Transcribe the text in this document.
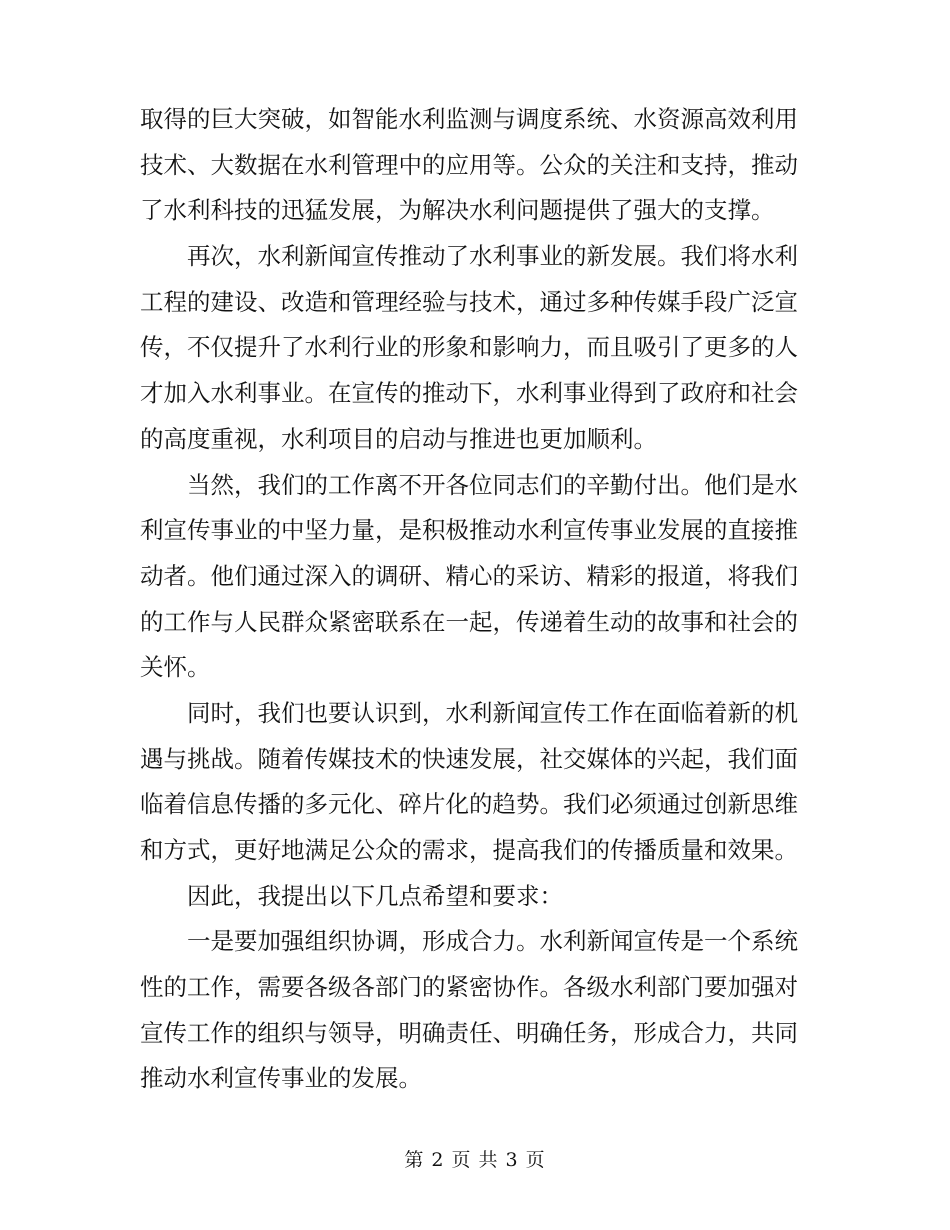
取得的巨大突破，如智能水利监测与调度系统、水资源高效利用
技术、大数据在水利管理中的应用等。公众的关注和支持，推动
了水利科技的迅猛发展，为解决水利问题提供了强大的支撑。
再次，水利新闻宣传推动了水利事业的新发展。我们将水利
工程的建设、改造和管理经验与技术，通过多种传媒手段广泛宣
传，不仅提升了水利行业的形象和影响力，而且吸引了更多的人
才加入水利事业。在宣传的推动下，水利事业得到了政府和社会
的高度重视，水利项目的启动与推进也更加顺利。
当然，我们的工作离不开各位同志们的辛勤付出。他们是水
利宣传事业的中坚力量，是积极推动水利宣传事业发展的直接推
动者。他们通过深入的调研、精心的采访、精彩的报道，将我们
的工作与人民群众紧密联系在一起，传递着生动的故事和社会的
关怀。
同时，我们也要认识到，水利新闻宣传工作在面临着新的机
遇与挑战。随着传媒技术的快速发展，社交媒体的兴起，我们面
临着信息传播的多元化、碎片化的趋势。我们必须通过创新思维
和方式，更好地满足公众的需求，提高我们的传播质量和效果。
因此，我提出以下几点希望和要求：
一是要加强组织协调，形成合力。水利新闻宣传是一个系统
性的工作，需要各级各部门的紧密协作。各级水利部门要加强对
宣传工作的组织与领导，明确责任、明确任务，形成合力，共同
推动水利宣传事业的发展。
第 2 页 共 3 页
